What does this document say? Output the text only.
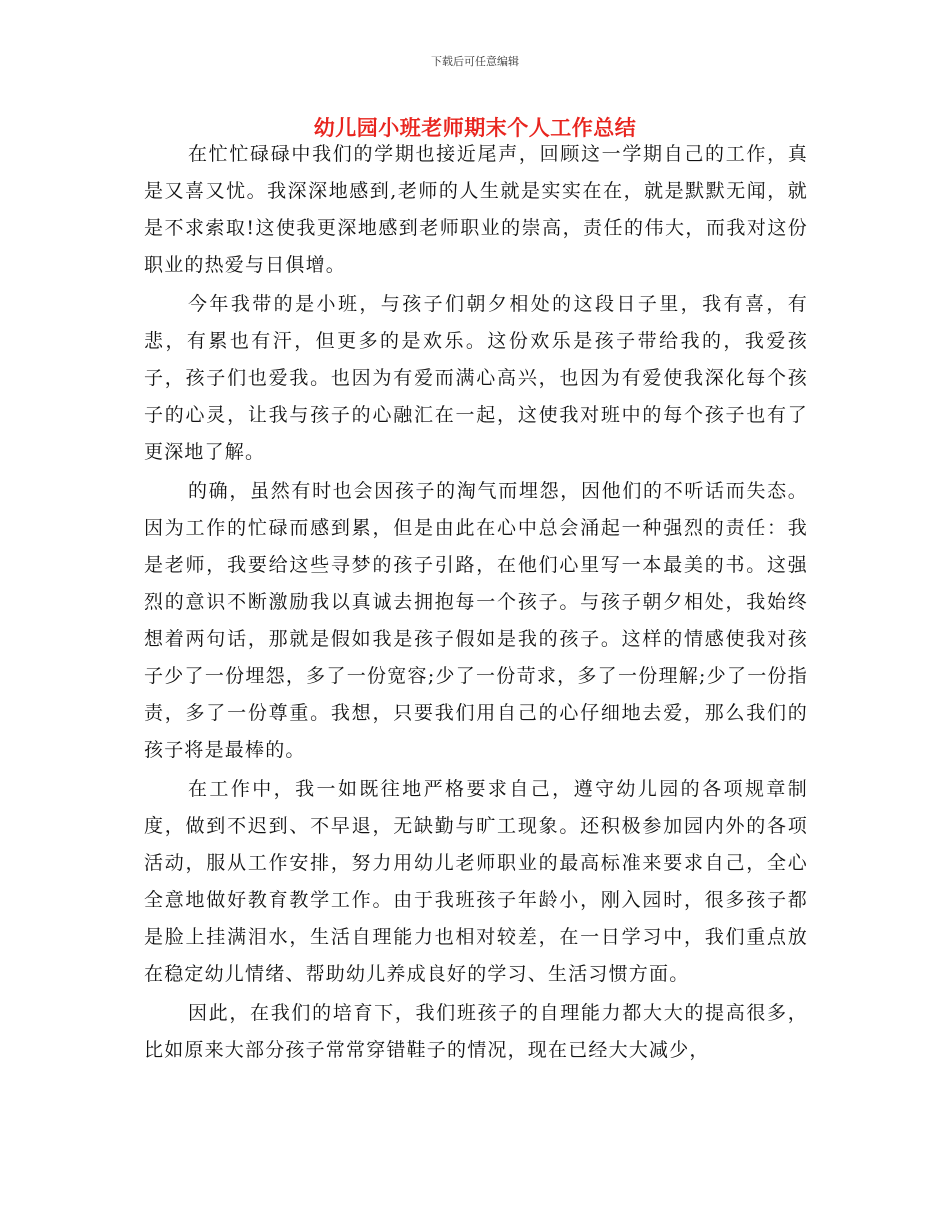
下载后可任意编辑
幼儿园小班老师期末个人工作总结

在忙忙碌碌中我们的学期也接近尾声，回顾这一学期自己的工作，真是又喜又忧。我深深地感到,老师的人生就是实实在在，就是默默无闻，就是不求索取!这使我更深地感到老师职业的崇高，责任的伟大，而我对这份职业的热爱与日俱增。

今年我带的是小班，与孩子们朝夕相处的这段日子里，我有喜，有悲，有累也有汗，但更多的是欢乐。这份欢乐是孩子带给我的，我爱孩子，孩子们也爱我。也因为有爱而满心高兴，也因为有爱使我深化每个孩子的心灵，让我与孩子的心融汇在一起，这使我对班中的每个孩子也有了更深地了解。

的确，虽然有时也会因孩子的淘气而埋怨，因他们的不听话而失态。因为工作的忙碌而感到累，但是由此在心中总会涌起一种强烈的责任：我是老师，我要给这些寻梦的孩子引路，在他们心里写一本最美的书。这强烈的意识不断激励我以真诚去拥抱每一个孩子。与孩子朝夕相处，我始终想着两句话，那就是假如我是孩子假如是我的孩子。这样的情感使我对孩子少了一份埋怨，多了一份宽容;少了一份苛求，多了一份理解;少了一份指责，多了一份尊重。我想，只要我们用自己的心仔细地去爱，那么我们的孩子将是最棒的。

在工作中，我一如既往地严格要求自己，遵守幼儿园的各项规章制度，做到不迟到、不早退，无缺勤与旷工现象。还积极参加园内外的各项活动，服从工作安排，努力用幼儿老师职业的最高标准来要求自己，全心全意地做好教育教学工作。由于我班孩子年龄小，刚入园时，很多孩子都是脸上挂满泪水，生活自理能力也相对较差，在一日学习中，我们重点放在稳定幼儿情绪、帮助幼儿养成良好的学习、生活习惯方面。

因此，在我们的培育下，我们班孩子的自理能力都大大的提高很多，比如原来大部分孩子常常穿错鞋子的情况，现在已经大大减少，
